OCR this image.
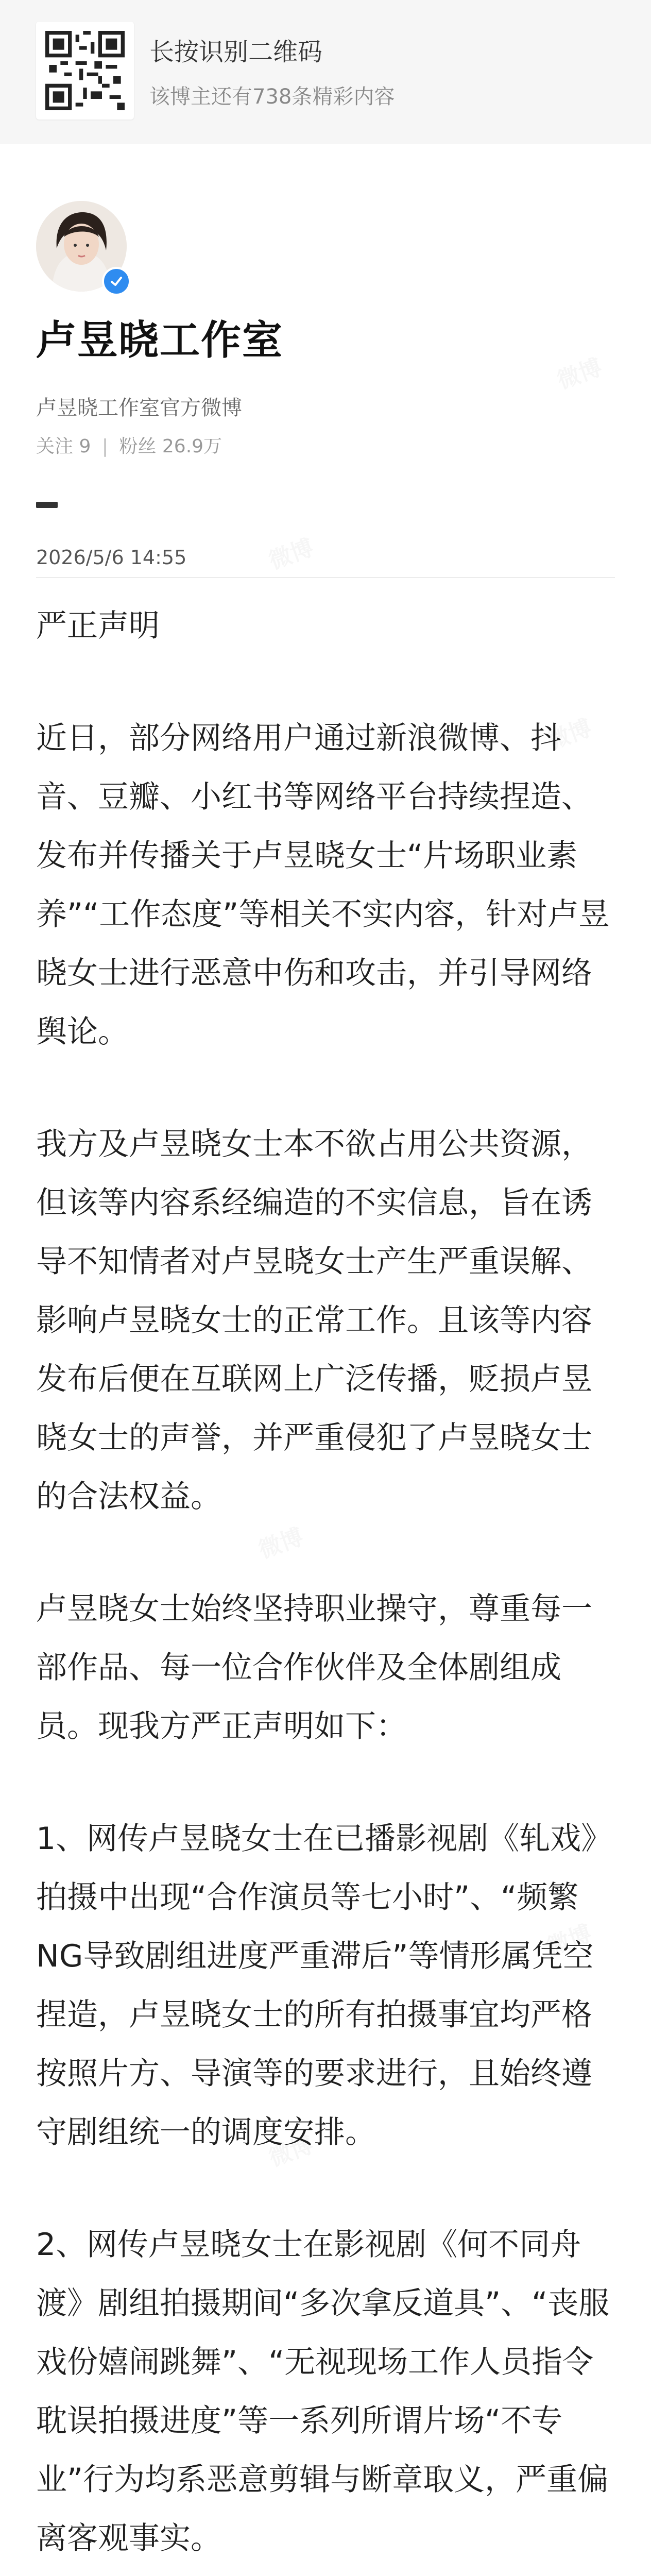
长按识别二维码
该博主还有738条精彩内容
卢昱晓工作室
卢昱晓工作室官方微博
关注 9 | 粉丝 26.9万
2026/5/6 14:55

严正声明

近日，部分网络用户通过新浪微博、抖音、豆瓣、小红书等网络平台持续捏造、发布并传播关于卢昱晓女士“片场职业素养”“工作态度”等相关不实内容，针对卢昱晓女士进行恶意中伤和攻击，并引导网络舆论。

我方及卢昱晓女士本不欲占用公共资源，但该等内容系经编造的不实信息，旨在诱导不知情者对卢昱晓女士产生严重误解、影响卢昱晓女士的正常工作。且该等内容发布后便在互联网上广泛传播，贬损卢昱晓女士的声誉，并严重侵犯了卢昱晓女士的合法权益。

卢昱晓女士始终坚持职业操守，尊重每一部作品、每一位合作伙伴及全体剧组成员。现我方严正声明如下：

1、网传卢昱晓女士在已播影视剧《轧戏》拍摄中出现“合作演员等七小时”、“频繁NG导致剧组进度严重滞后”等情形属凭空捏造，卢昱晓女士的所有拍摄事宜均严格按照片方、导演等的要求进行，且始终遵守剧组统一的调度安排。

2、网传卢昱晓女士在影视剧《何不同舟渡》剧组拍摄期间“多次拿反道具”、“丧服戏份嬉闹跳舞”、“无视现场工作人员指令耽误拍摄进度”等一系列所谓片场“不专业”行为均系恶意剪辑与断章取义，严重偏离客观事实。
